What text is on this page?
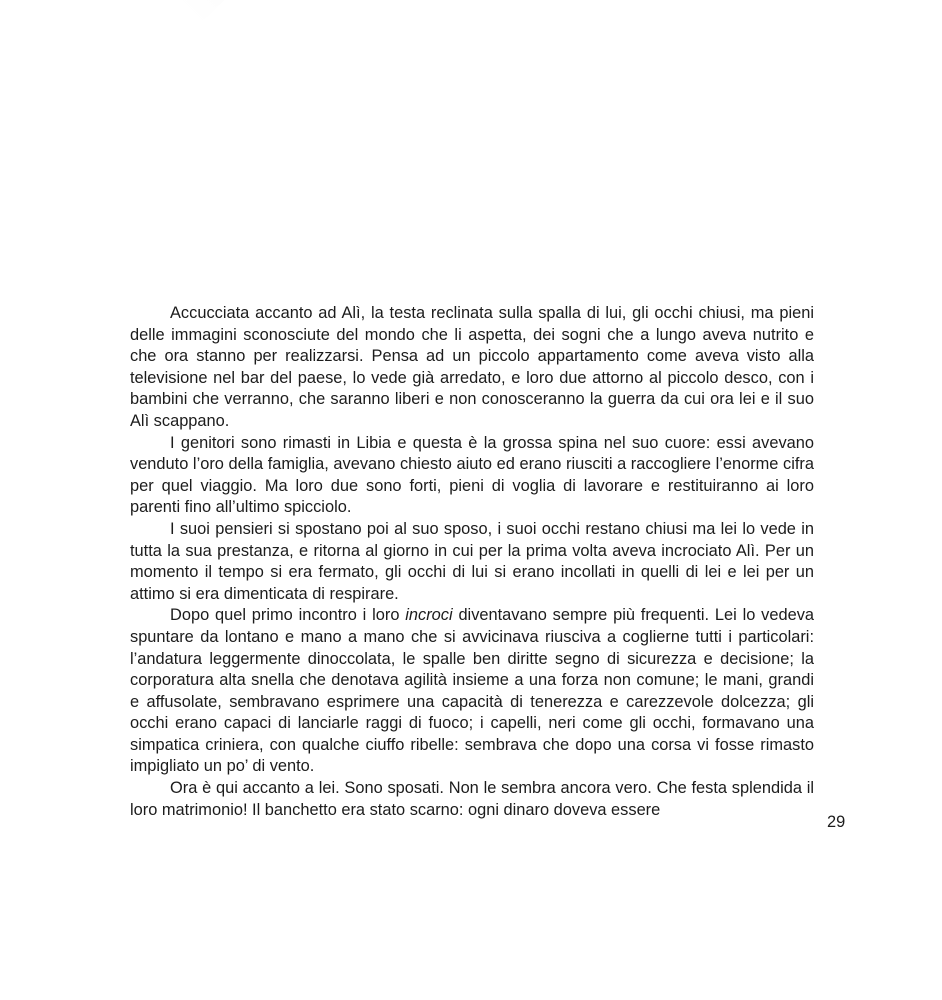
Accucciata accanto ad Alì, la testa reclinata sulla spalla di lui, gli occhi chiusi, ma pieni delle immagini sconosciute del mondo che li aspetta, dei sogni che a lungo aveva nutrito e che ora stanno per realizzarsi. Pensa ad un piccolo appartamento come aveva visto alla televisione nel bar del paese, lo vede già arredato, e loro due attorno al piccolo desco, con i bambini che verranno, che saranno liberi e non conosceranno la guerra da cui ora lei e il suo Alì scappano.

I genitori sono rimasti in Libia e questa è la grossa spina nel suo cuore: essi avevano venduto l’oro della famiglia, avevano chiesto aiuto ed erano riusciti a raccogliere l’enorme cifra per quel viaggio. Ma loro due sono forti, pieni di voglia di lavorare e restituiranno ai loro parenti fino all’ultimo spicciolo.

I suoi pensieri si spostano poi al suo sposo, i suoi occhi restano chiusi ma lei lo vede in tutta la sua prestanza, e ritorna al giorno in cui per la prima volta aveva incrociato Alì. Per un momento il tempo si era fermato, gli occhi di lui si erano incollati in quelli di lei e lei per un attimo si era dimenticata di respirare.

Dopo quel primo incontro i loro incroci diventavano sempre più frequenti. Lei lo vedeva spuntare da lontano e mano a mano che si avvicinava riusciva a coglierne tutti i particolari: l’andatura leggermente dinoccolata, le spalle ben diritte segno di sicurezza e decisione; la corporatura alta snella che denotava agilità insieme a una forza non comune; le mani, grandi e affusolate, sembravano esprimere una capacità di tenerezza e carezzevole dolcezza; gli occhi erano capaci di lanciarle raggi di fuoco; i capelli, neri come gli occhi, formavano una simpatica criniera, con qualche ciuffo ribelle: sembrava che dopo una corsa vi fosse rimasto impigliato un po’ di vento.

Ora è qui accanto a lei. Sono sposati. Non le sembra ancora vero. Che festa splendida il loro matrimonio! Il banchetto era stato scarno: ogni dinaro doveva essere

29
